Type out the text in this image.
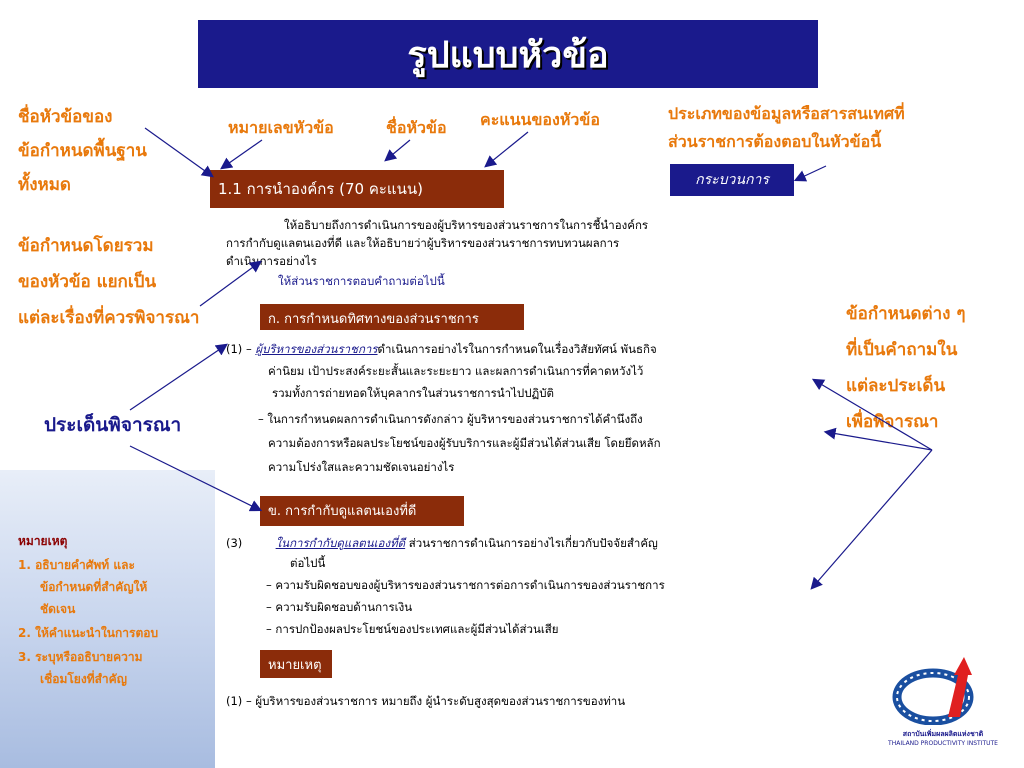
รูปแบบหัวข้อ
หมายเหตุ
1. อธิบายคำศัพท์ และ
ข้อกำหนดที่สำคัญให้
ชัดเจน
2. ให้คำแนะนำในการตอบ
3. ระบุหรืออธิบายความ
เชื่อมโยงที่สำคัญ
ชื่อหัวข้อของ
ข้อกำหนดพื้นฐาน
ทั้งหมด
หมายเลขหัวข้อ	ชื่อหัวข้อ คะแนนของหัวข้อ	ประเภทของข้อมูลหรือสารสนเทศที่
ส่วนราชการต้องตอบในหัวข้อนี้
ข้อกำหนดโดยรวม
ของหัวข้อ แยกเป็น
แต่ละเรื่องที่ควรพิจารณา	ข้อกำหนดต่าง ๆ
ที่เป็นคำถามใน
แต่ละประเด็น
เพื่อพิจารณา
ประเด็นพิจารณา
1.1 การนำองค์กร (70 คะแนน)	กระบวนการ
ให้อธิบายถึงการดำเนินการของผู้บริหารของส่วนราชการในการชี้นำองค์กร
การกำกับดูแลตนเองที่ดี และให้อธิบายว่าผู้บริหารของส่วนราชการทบทวนผลการ
ดำเนินการอย่างไร
ให้ส่วนราชการตอบคำถามต่อไปนี้
ก. การกำหนดทิศทางของส่วนราชการ
(1) – ผู้บริหารของส่วนราชการดำเนินการอย่างไรในการกำหนดในเรื่องวิสัยทัศน์ พันธกิจ
ค่านิยม เป้าประสงค์ระยะสั้นและระยะยาว และผลการดำเนินการที่คาดหวังไว้
รวมทั้งการถ่ายทอดให้บุคลากรในส่วนราชการนำไปปฏิบัติ
– ในการกำหนดผลการดำเนินการดังกล่าว ผู้บริหารของส่วนราชการได้คำนึงถึง
ความต้องการหรือผลประโยชน์ของผู้รับบริการและผู้มีส่วนได้ส่วนเสีย โดยยึดหลัก
ความโปร่งใสและความชัดเจนอย่างไร
ข. การกำกับดูแลตนเองที่ดี
(3)	ในการกำกับดูแลตนเองที่ดี ส่วนราชการดำเนินการอย่างไรเกี่ยวกับปัจจัยสำคัญ
ต่อไปนี้
– ความรับผิดชอบของผู้บริหารของส่วนราชการต่อการดำเนินการของส่วนราชการ
– ความรับผิดชอบด้านการเงิน
– การปกป้องผลประโยชน์ของประเทศและผู้มีส่วนได้ส่วนเสีย
หมายเหตุ
(1) – ผู้บริหารของส่วนราชการ หมายถึง ผู้นำระดับสูงสุดของส่วนราชการของท่าน
สถาบันเพิ่มผลผลิตแห่งชาติ
THAILAND PRODUCTIVITY INSTITUTE
